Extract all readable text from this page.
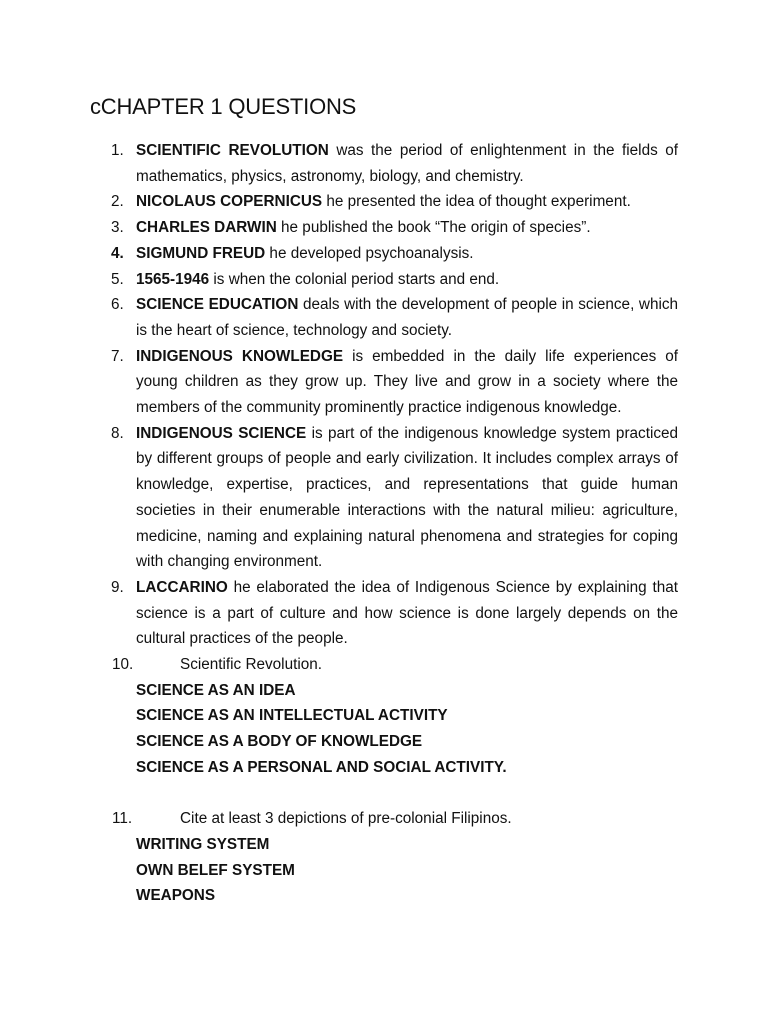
cCHAPTER 1 QUESTIONS
1. SCIENTIFIC REVOLUTION was the period of enlightenment in the fields of mathematics, physics, astronomy, biology, and chemistry.
2. NICOLAUS COPERNICUS he presented the idea of thought experiment.
3. CHARLES DARWIN he published the book “The origin of species”.
4. SIGMUND FREUD he developed psychoanalysis.
5. 1565-1946 is when the colonial period starts and end.
6. SCIENCE EDUCATION deals with the development of people in science, which is the heart of science, technology and society.
7. INDIGENOUS KNOWLEDGE is embedded in the daily life experiences of young children as they grow up. They live and grow in a society where the members of the community prominently practice indigenous knowledge.
8. INDIGENOUS SCIENCE is part of the indigenous knowledge system practiced by different groups of people and early civilization. It includes complex arrays of knowledge, expertise, practices, and representations that guide human societies in their enumerable interactions with the natural milieu: agriculture, medicine, naming and explaining natural phenomena and strategies for coping with changing environment.
9. LACCARINO he elaborated the idea of Indigenous Science by explaining that science is a part of culture and how science is done largely depends on the cultural practices of the people.
10.	Scientific Revolution.
SCIENCE AS AN IDEA
SCIENCE AS AN INTELLECTUAL ACTIVITY
SCIENCE AS A BODY OF KNOWLEDGE
SCIENCE AS A PERSONAL AND SOCIAL ACTIVITY.
11.	Cite at least 3 depictions of pre-colonial Filipinos.
WRITING SYSTEM
OWN BELEF SYSTEM
WEAPONS
